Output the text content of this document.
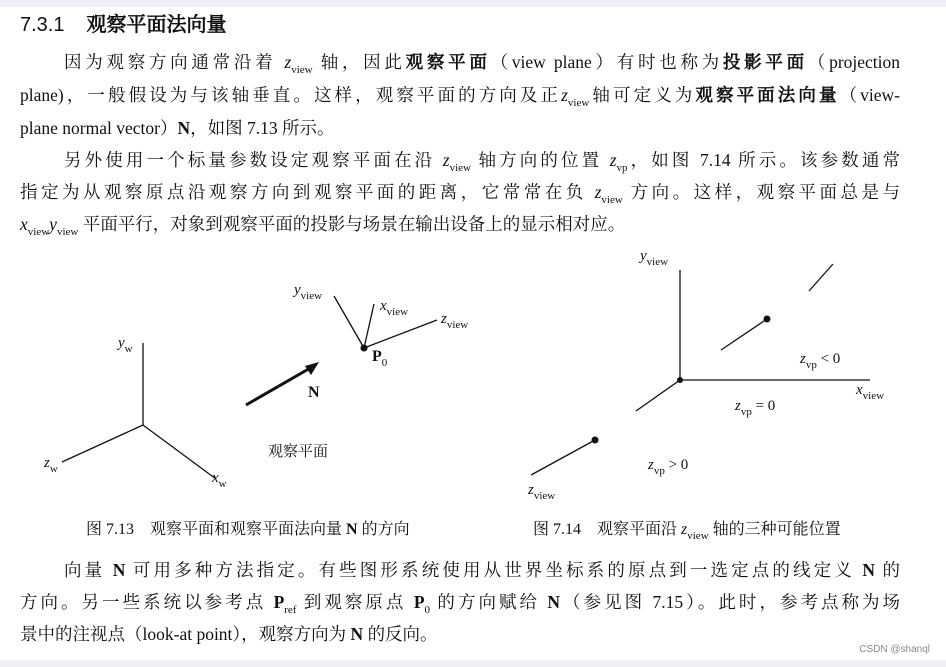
7.3.1 观察平面法向量
因为观察方向通常沿着 $z_{view}$ 轴，因此观察平面（view plane）有时也称为投影平面（projection
plane)，一般假设为与该轴垂直。这样，观察平面的方向及正$z_{view}$轴可定义为观察平面法向量（view-
plane normal vector）N，如图 7.13 所示。
另外使用一个标量参数设定观察平面在沿 $z_{view}$ 轴方向的位置 $z_{vp}$，如图 7.14 所示。该参数通常
指定为从观察原点沿观察方向到观察平面的距离，它常常在负 $z_{view}$ 方向。这样，观察平面总是与
$x_{view}y_{view}$ 平面平行，对象到观察平面的投影与场景在输出设备上的显示相对应。
$y_w$
$z_w$
$x_w$
N
观察平面
$P_0$
$y_{view}$
$x_{view}$ $z_{view}$
图 7.13　观察平面和观察平面法向量 N 的方向
$y_{view}$
$x_{view}$
$z_{view}$
$z_{vp} < 0$
$z_{vp} = 0$
$z_{vp} > 0$
图 7.14　观察平面沿 $z_{view}$ 轴的三种可能位置
向量 N 可用多种方法指定。有些图形系统使用从世界坐标系的原点到一选定点的线定义 N 的
方向。另一些系统以参考点 $P_{ref}$ 到观察原点 $P_0$ 的方向赋给 N（参见图 7.15）。此时，参考点称为场
景中的注视点（look-at point），观察方向为 N 的反向。
CSDN @shanql
